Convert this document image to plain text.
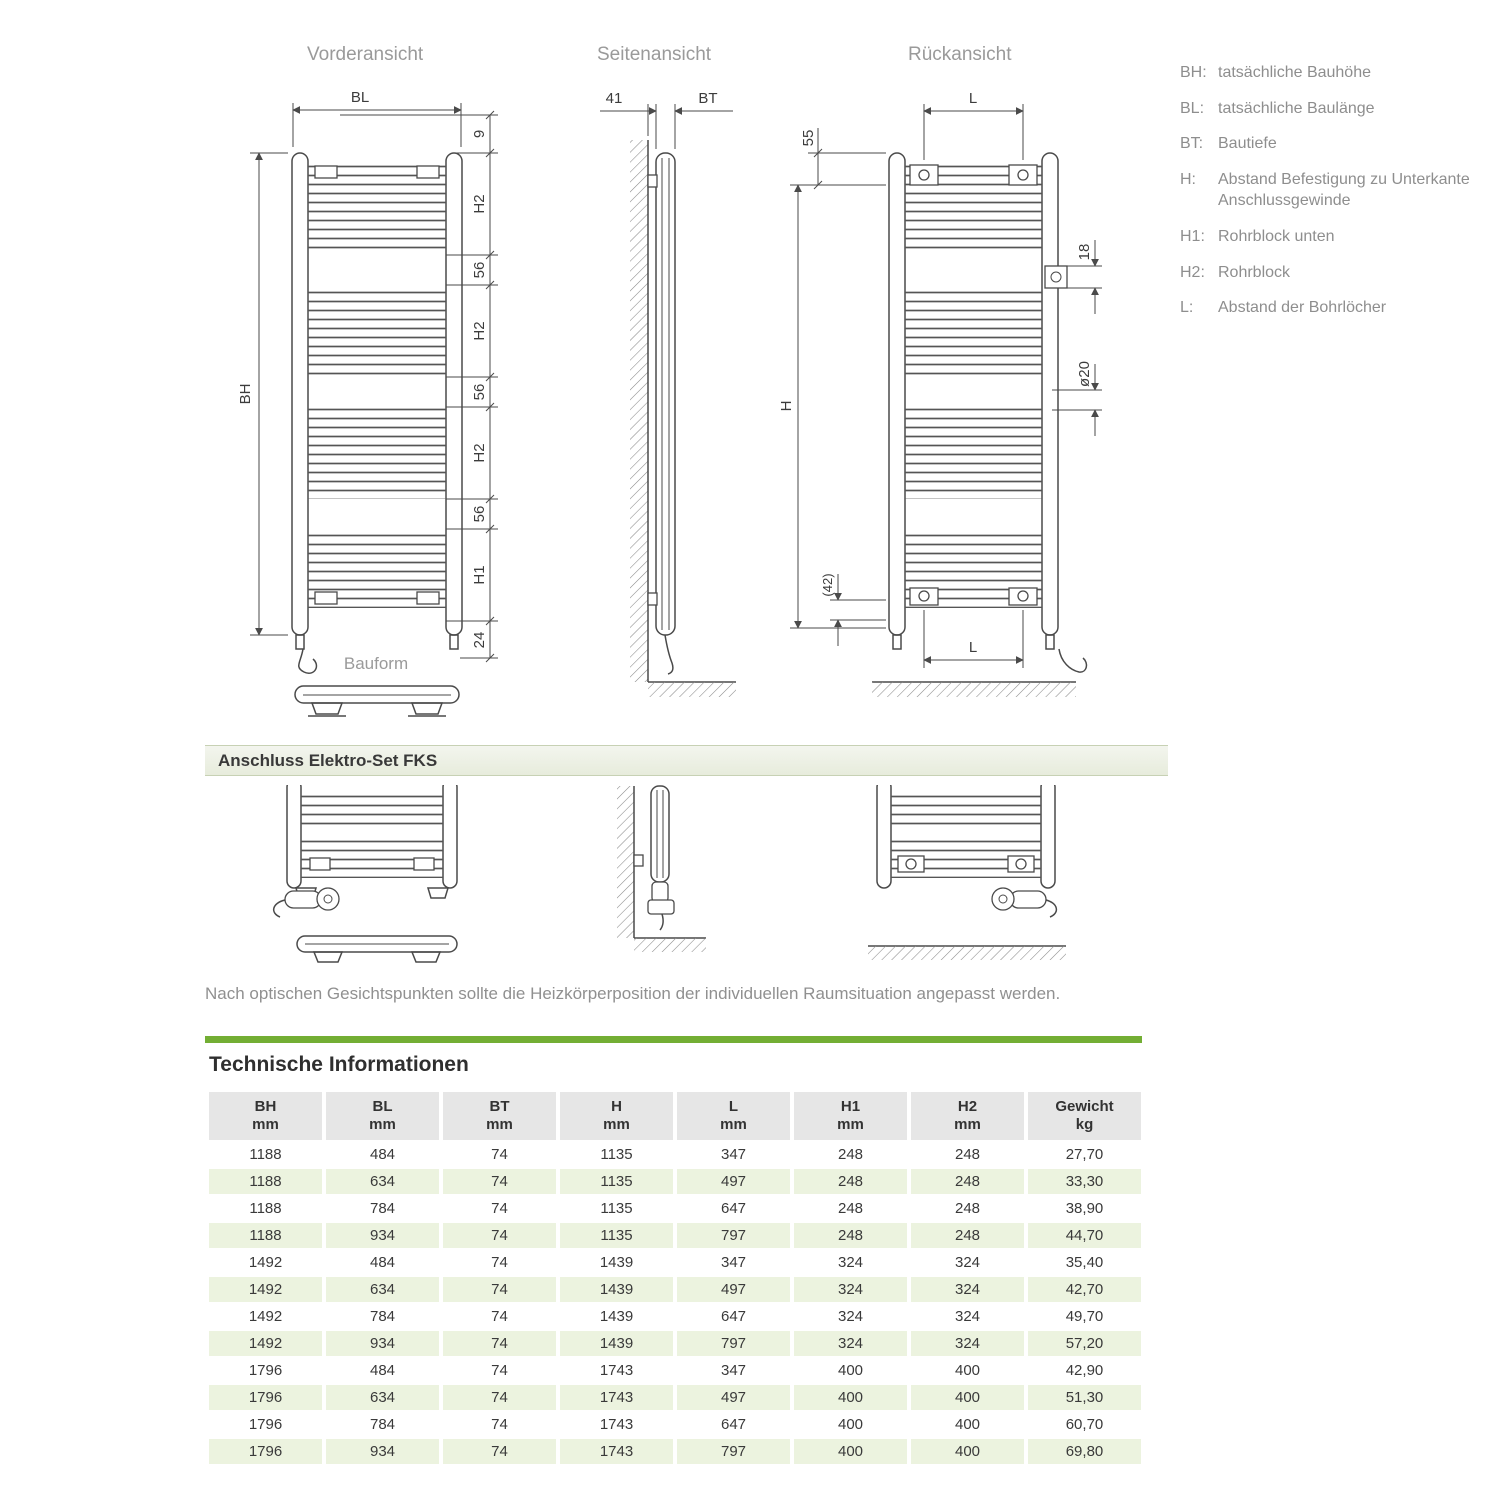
Vorderansicht	Seitenansicht	Rückansicht
BH: tatsächliche Bauhöhe
BL: tatsächliche Baulänge
BT: Bautiefe
H:	Abstand Befestigung zu Unterkante Anschlussgewinde
H1: Rohrblock unten
H2: Rohrblock
L:	Abstand der Bohrlöcher
BL
BH
9
H2
56
H2
56
H2
56
H1
24
Bauform
41	BT	L
55
H
18
ø20
(42)
L
Anschluss Elektro-Set FKS

Nach optischen Gesichtspunkten sollte die Heizkörperposition der individuellen Raumsituation angepasst werden.

Technische Informationen
BH
mm

BL
mm

BT
mm

H
mm

L
mm

H1
mm

H2
mm

Gewicht
kg

1188	484	74	1135	347	248	248	27,70
1188	634	74	1135	497	248	248	33,30
1188	784	74	1135	647	248	248	38,90
1188	934	74	1135	797	248	248	44,70
1492	484	74	1439	347	324	324	35,40
1492	634	74	1439	497	324	324	42,70
1492	784	74	1439	647	324	324	49,70
1492	934	74	1439	797	324	324	57,20
1796	484	74	1743	347	400	400	42,90
1796	634	74	1743	497	400	400	51,30
1796	784	74	1743	647	400	400	60,70
1796	934	74	1743	797	400	400	69,80
